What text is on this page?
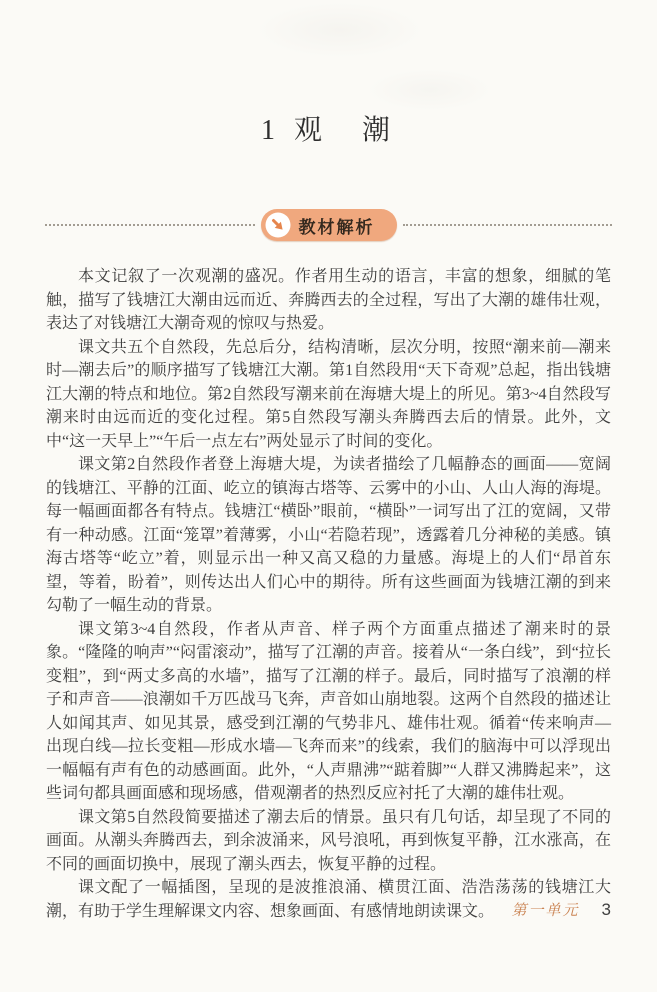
1 观　潮
教材解析

本文记叙了一次观潮的盛况。作者用生动的语言，丰富的想象，细腻的笔触，描写了钱塘江大潮由远而近、奔腾西去的全过程，写出了大潮的雄伟壮观，表达了对钱塘江大潮奇观的惊叹与热爱。

课文共五个自然段，先总后分，结构清晰，层次分明，按照“潮来前—潮来时—潮去后”的顺序描写了钱塘江大潮。第1自然段用“天下奇观”总起，指出钱塘江大潮的特点和地位。第2自然段写潮来前在海塘大堤上的所见。第3~4自然段写潮来时由远而近的变化过程。第5自然段写潮头奔腾西去后的情景。此外，文中“这一天早上”“午后一点左右”两处显示了时间的变化。

课文第2自然段作者登上海塘大堤，为读者描绘了几幅静态的画面——宽阔的钱塘江、平静的江面、屹立的镇海古塔等、云雾中的小山、人山人海的海堤。每一幅画面都各有特点。钱塘江“横卧”眼前，“横卧”一词写出了江的宽阔，又带有一种动感。江面“笼罩”着薄雾，小山“若隐若现”，透露着几分神秘的美感。镇海古塔等“屹立”着，则显示出一种又高又稳的力量感。海堤上的人们“昂首东望，等着，盼着”，则传达出人们心中的期待。所有这些画面为钱塘江潮的到来勾勒了一幅生动的背景。

课文第3~4自然段，作者从声音、样子两个方面重点描述了潮来时的景象。“隆隆的响声”“闷雷滚动”，描写了江潮的声音。接着从“一条白线”，到“拉长变粗”，到“两丈多高的水墙”，描写了江潮的样子。最后，同时描写了浪潮的样子和声音——浪潮如千万匹战马飞奔，声音如山崩地裂。这两个自然段的描述让人如闻其声、如见其景，感受到江潮的气势非凡、雄伟壮观。循着“传来响声—出现白线—拉长变粗—形成水墙—飞奔而来”的线索，我们的脑海中可以浮现出一幅幅有声有色的动感画面。此外，“人声鼎沸”“踮着脚”“人群又沸腾起来”，这些词句都具画面感和现场感，借观潮者的热烈反应衬托了大潮的雄伟壮观。

课文第5自然段简要描述了潮去后的情景。虽只有几句话，却呈现了不同的画面。从潮头奔腾西去，到余波涌来，风号浪吼，再到恢复平静，江水涨高，在不同的画面切换中，展现了潮头西去，恢复平静的过程。

课文配了一幅插图，呈现的是波推浪涌、横贯江面、浩浩荡荡的钱塘江大潮，有助于学生理解课文内容、想象画面、有感情地朗读课文。	第一单元 3
